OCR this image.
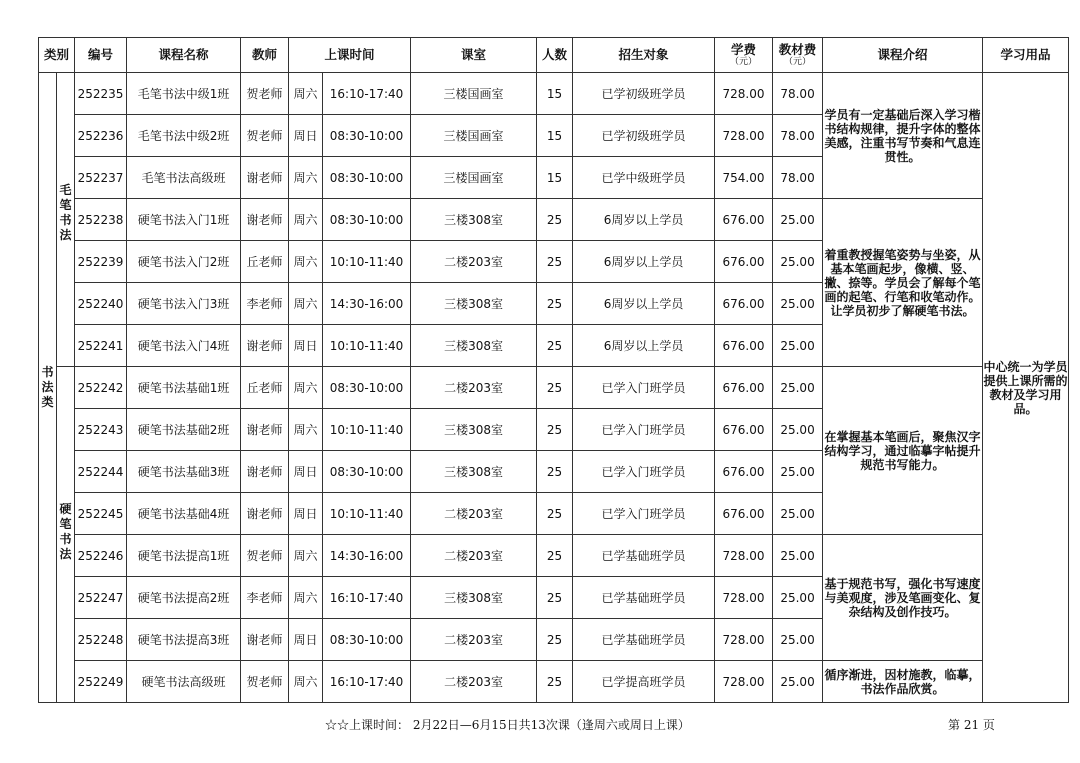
类别		编号	课程名称	教师	上课时间		课室	人数	招生对象	学费
（元）	教材费
（元）	课程介绍	学习用品

书法类	毛笔书法	252235	毛笔书法中级1班	贺老师	周六	16:10-17:40	三楼国画室	15	已学初级班学员	728.00	78.00	学员有一定基础后深入学习楷书结构规律，提升字体的整体美感，注重书写节奏和气息连贯性。	中心统一为学员提供上课所需的教材及学习用品。
		252236	毛笔书法中级2班	贺老师	周日	08:30-10:00	三楼国画室	15	已学初级班学员	728.00	78.00		
		252237	毛笔书法高级班	谢老师	周六	08:30-10:00	三楼国画室	15	已学中级班学员	754.00	78.00		
		252238	硬笔书法入门1班	谢老师	周六	08:30-10:00	三楼308室	25	6周岁以上学员	676.00	25.00	着重教授握笔姿势与坐姿，从基本笔画起步，像横、竖、撇、捺等。学员会了解每个笔画的起笔、行笔和收笔动作。让学员初步了解硬笔书法。	
		252239	硬笔书法入门2班	丘老师	周六	10:10-11:40	二楼203室	25	6周岁以上学员	676.00	25.00		
		252240	硬笔书法入门3班	李老师	周六	14:30-16:00	三楼308室	25	6周岁以上学员	676.00	25.00		
		252241	硬笔书法入门4班	谢老师	周日	10:10-11:40	三楼308室	25	6周岁以上学员	676.00	25.00		

	硬笔书法	252242	硬笔书法基础1班	丘老师	周六	08:30-10:00	二楼203室	25	已学入门班学员	676.00	25.00	在掌握基本笔画后，聚焦汉字结构学习，通过临摹字帖提升规范书写能力。	
		252243	硬笔书法基础2班	谢老师	周六	10:10-11:40	三楼308室	25	已学入门班学员	676.00	25.00		
		252244	硬笔书法基础3班	谢老师	周日	08:30-10:00	三楼308室	25	已学入门班学员	676.00	25.00		
		252245	硬笔书法基础4班	谢老师	周日	10:10-11:40	二楼203室	25	已学入门班学员	676.00	25.00		
		252246	硬笔书法提高1班	贺老师	周六	14:30-16:00	二楼203室	25	已学基础班学员	728.00	25.00	基于规范书写，强化书写速度与美观度，涉及笔画变化、复杂结构及创作技巧。	
		252247	硬笔书法提高2班	李老师	周六	16:10-17:40	三楼308室	25	已学基础班学员	728.00	25.00		
		252248	硬笔书法提高3班	谢老师	周日	08:30-10:00	二楼203室	25	已学基础班学员	728.00	25.00		
		252249	硬笔书法高级班	贺老师	周六	16:10-17:40	二楼203室	25	已学提高班学员	728.00	25.00	循序渐进，因材施教，临摹，书法作品欣赏。	
☆☆上课时间： 2月22日—6月15日共13次课（逢周六或周日上课）	第 21 页
